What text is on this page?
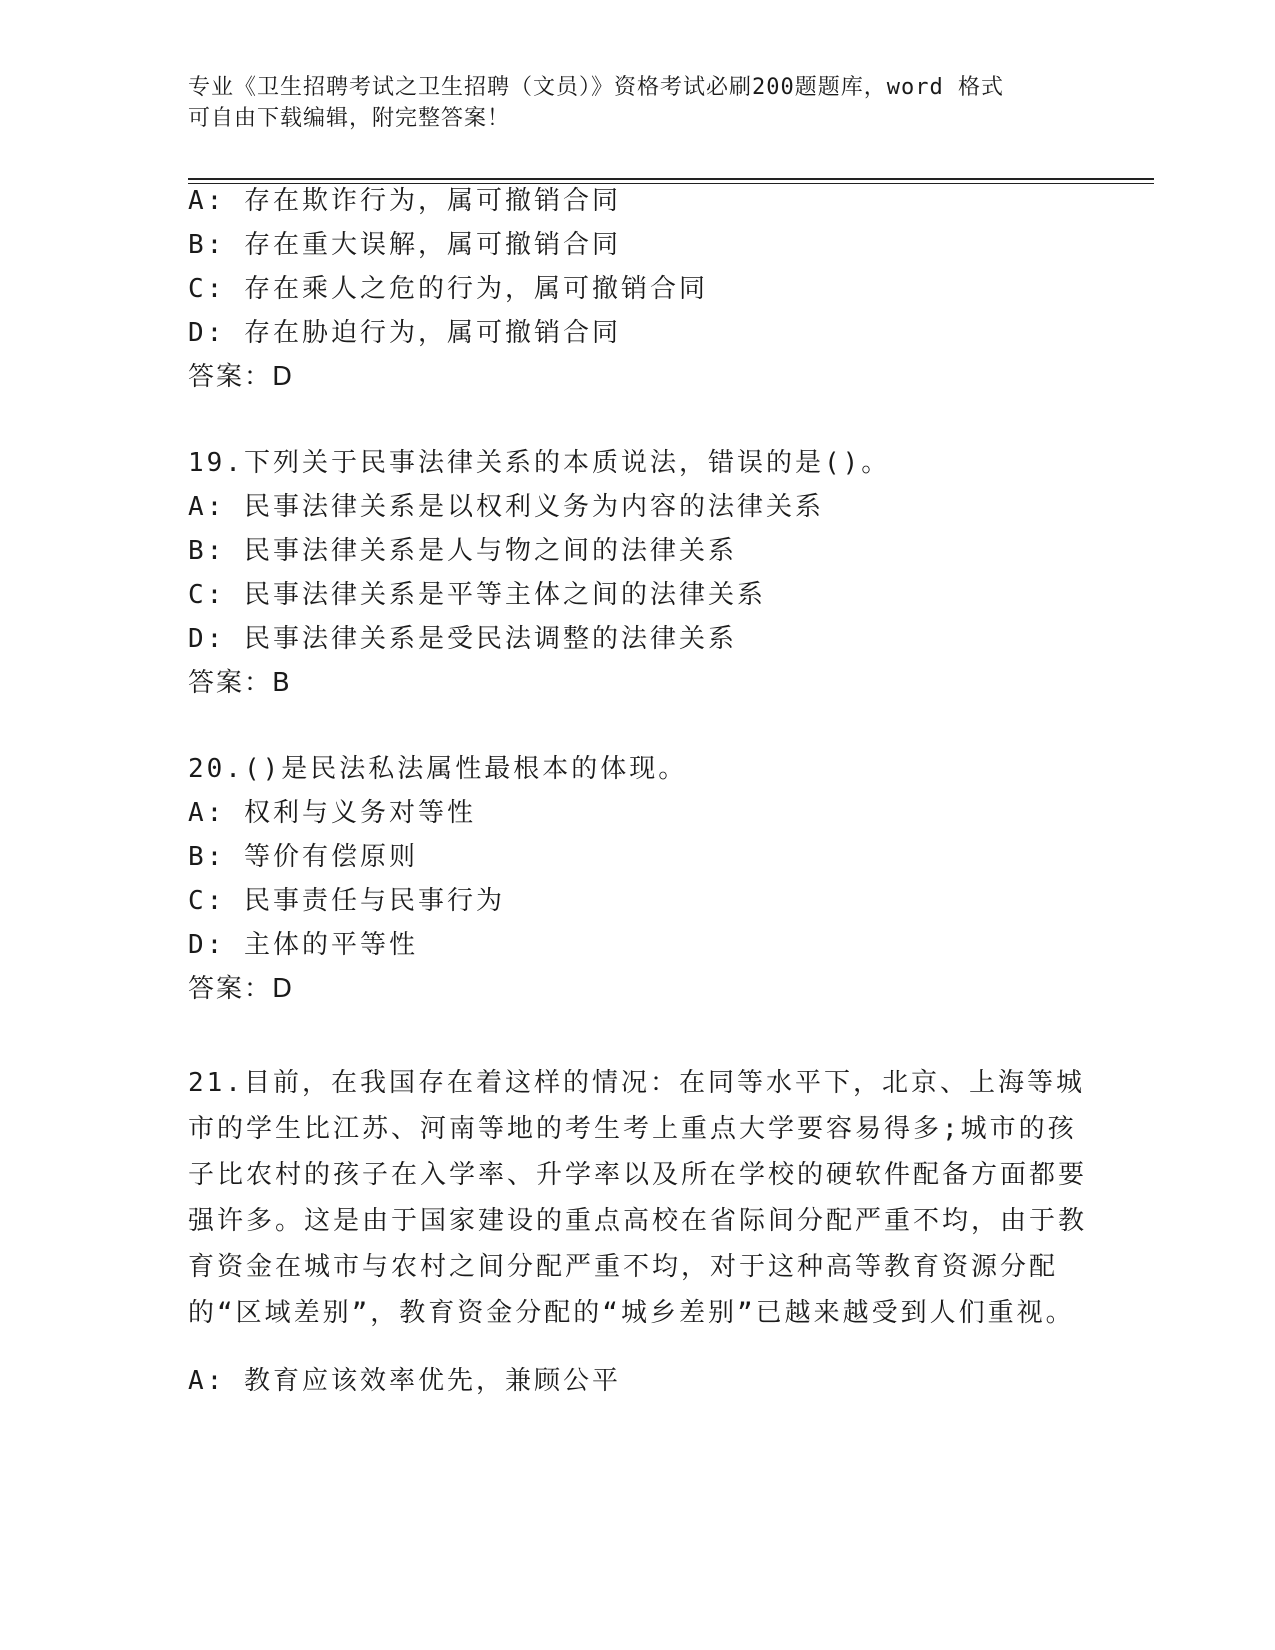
专业《卫生招聘考试之卫生招聘（文员）》资格考试必刷200题题库，word 格式
可自由下载编辑，附完整答案！
A: 存在欺诈行为，属可撤销合同
B: 存在重大误解，属可撤销合同
C: 存在乘人之危的行为，属可撤销合同
D: 存在胁迫行为，属可撤销合同
答案：D
19.下列关于民事法律关系的本质说法，错误的是()。
A: 民事法律关系是以权利义务为内容的法律关系
B: 民事法律关系是人与物之间的法律关系
C: 民事法律关系是平等主体之间的法律关系
D: 民事法律关系是受民法调整的法律关系
答案：B
20.()是民法私法属性最根本的体现。
A: 权利与义务对等性
B: 等价有偿原则
C: 民事责任与民事行为
D: 主体的平等性
答案：D
21.目前，在我国存在着这样的情况：在同等水平下，北京、上海等城市的学生比江苏、河南等地的考生考上重点大学要容易得多;城市的孩子比农村的孩子在入学率、升学率以及所在学校的硬软件配备方面都要强许多。这是由于国家建设的重点高校在省际间分配严重不均，由于教育资金在城市与农村之间分配严重不均，对于这种高等教育资源分配的“区域差别”，教育资金分配的“城乡差别”已越来越受到人们重视。
A: 教育应该效率优先，兼顾公平
